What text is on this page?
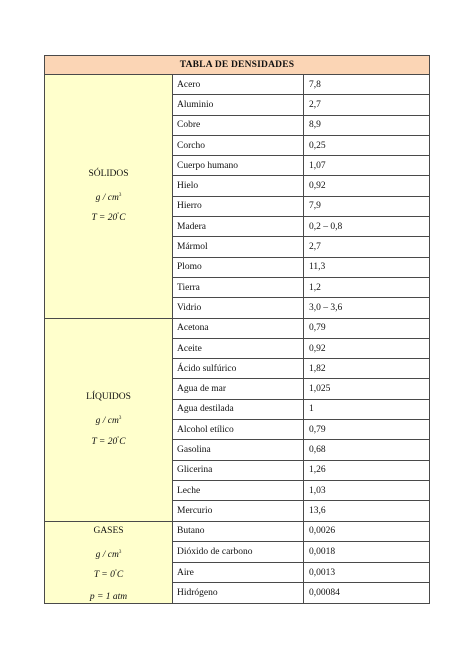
TABLA DE DENSIDADES		

SÓLIDOS
g / $cm^3$
T = 20°C	Acero	7,8
	Aluminio	2,7
	Cobre	8,9
	Corcho	0,25
	Cuerpo humano	1,07
	Hielo	0,92
	Hierro	7,9
	Madera	0,2 – 0,8
	Mármol	2,7
	Plomo	11,3
	Tierra	1,2
	Vidrio	3,0 – 3,6

LÍQUIDOS
g / $cm^3$
T = 20°C	Acetona	0,79
	Aceite	0,92
	Ácido sulfúrico	1,82
	Agua de mar	1,025
	Agua destilada	1
	Alcohol etílico	0,79
	Gasolina	0,68
	Glicerina	1,26
	Leche	1,03
	Mercurio	13,6

GASES
g / $cm^3$
T = 0°C
p = 1 atm	Butano	0,0026
	Dióxido de carbono	0,0018
	Aire	0,0013
	Hidrógeno	0,00084
